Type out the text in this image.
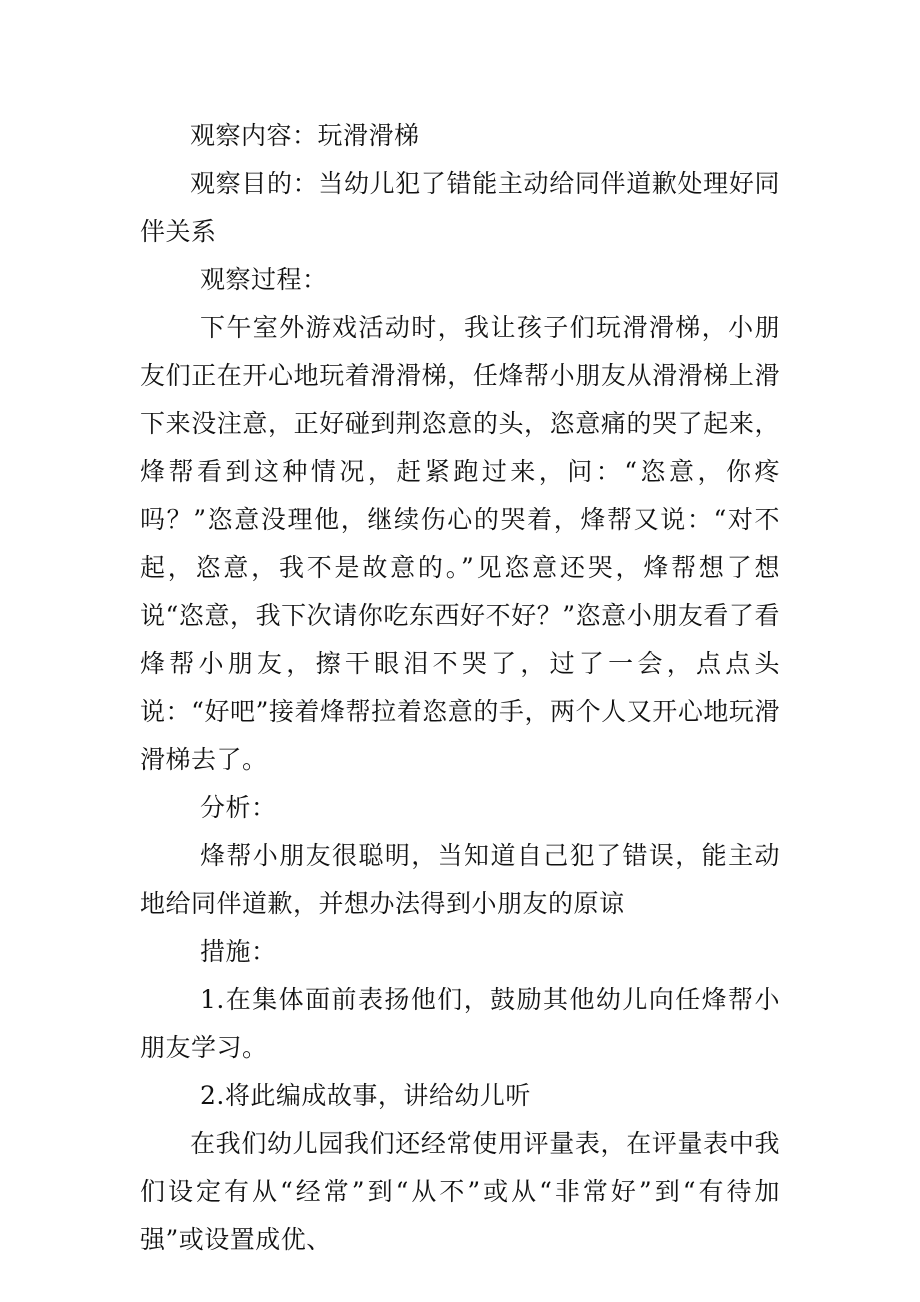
观察内容：玩滑滑梯

观察目的：当幼儿犯了错能主动给同伴道歉处理好同伴关系

观察过程：

下午室外游戏活动时，我让孩子们玩滑滑梯，小朋友们正在开心地玩着滑滑梯，任烽帮小朋友从滑滑梯上滑下来没注意，正好碰到荆恣意的头，恣意痛的哭了起来，烽帮看到这种情况，赶紧跑过来，问：“恣意，你疼吗？”恣意没理他，继续伤心的哭着，烽帮又说：“对不起，恣意，我不是故意的。”见恣意还哭，烽帮想了想说“恣意，我下次请你吃东西好不好？”恣意小朋友看了看烽帮小朋友，擦干眼泪不哭了，过了一会，点点头说：“好吧”接着烽帮拉着恣意的手，两个人又开心地玩滑滑梯去了。

分析：

烽帮小朋友很聪明，当知道自己犯了错误，能主动地给同伴道歉，并想办法得到小朋友的原谅

措施：

1.在集体面前表扬他们，鼓励其他幼儿向任烽帮小朋友学习。

2.将此编成故事，讲给幼儿听

在我们幼儿园我们还经常使用评量表，在评量表中我们设定有从“经常”到“从不”或从“非常好”到“有待加强”或设置成优、
